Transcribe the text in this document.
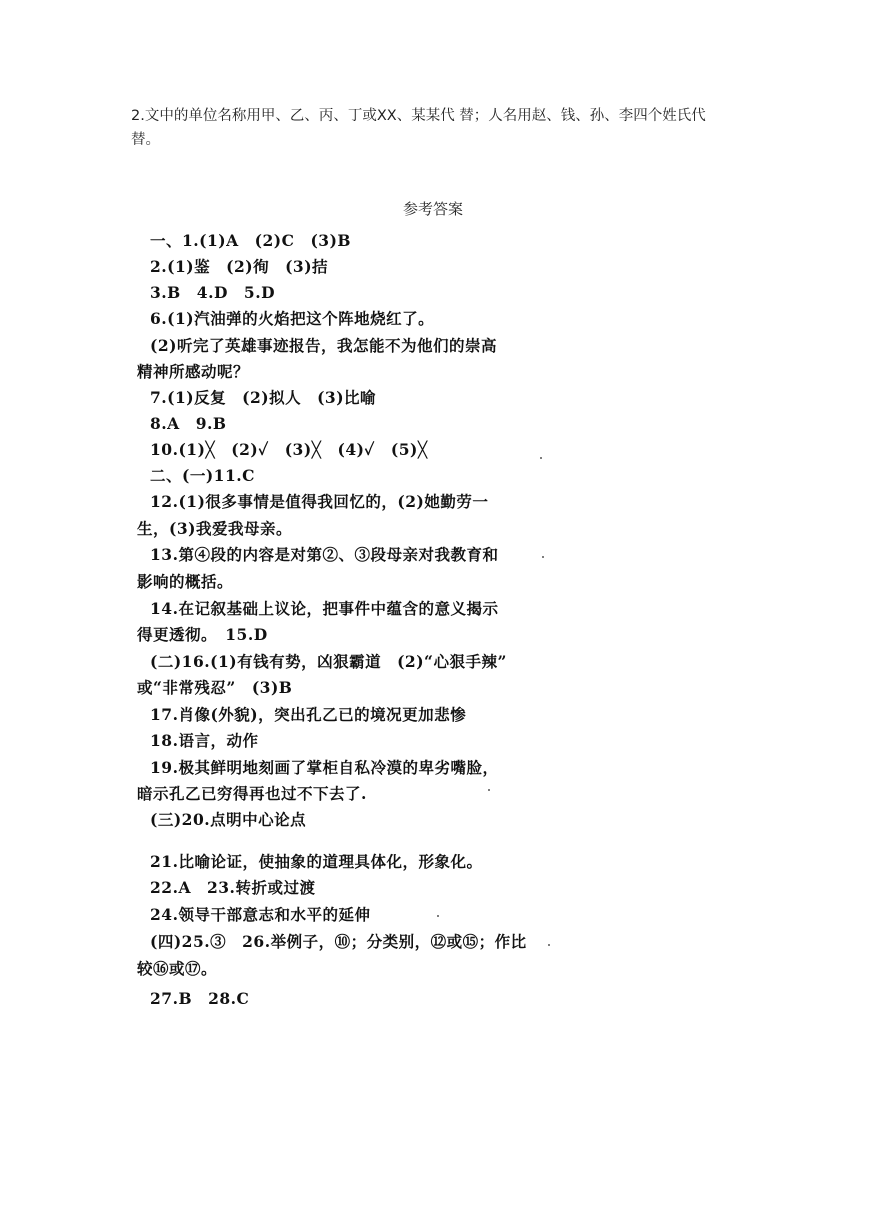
2.文中的单位名称用甲、乙、丙、丁或XX、某某代 替；人名用赵、钱、孙、李四个姓氏代
替。
参考答案
一、1.(1)A　(2)C　(3)B
2.(1)鉴　(2)徇　(3)拮
3.B　4.D　5.D
6.(1)汽油弹的火焰把这个阵地烧红了。
(2)听完了英雄事迹报告，我怎能不为他们的崇高
精神所感动呢？
7.(1)反复　(2)拟人　(3)比喻
8.A　9.B
10.(1)╳　(2)✓　(3)╳　(4)✓　(5)╳
二、(一)11.C
12.(1)很多事情是值得我回忆的，(2)她勤劳一
生，(3)我爱我母亲。
13.第④段的内容是对第②、③段母亲对我教育和
影响的概括。
14.在记叙基础上议论，把事件中蕴含的意义揭示
得更透彻。　15.D
(二)16.(1)有钱有势，凶狠霸道　(2)“心狠手辣”
或“非常残忍”　(3)B
17.肖像(外貌)，突出孔乙已的境况更加悲惨
18.语言，动作
19.极其鲜明地刻画了掌柜自私冷漠的卑劣嘴脸，
暗示孔乙已穷得再也过不下去了.
(三)20.点明中心论点
21.比喻论证，使抽象的道理具体化，形象化。
22.A　23.转折或过渡
24.领导干部意志和水平的延伸
(四)25.③　26.举例子，⑩；分类别，⑫或⑮；作比
较⑯或⑰。
27.B　28.C
